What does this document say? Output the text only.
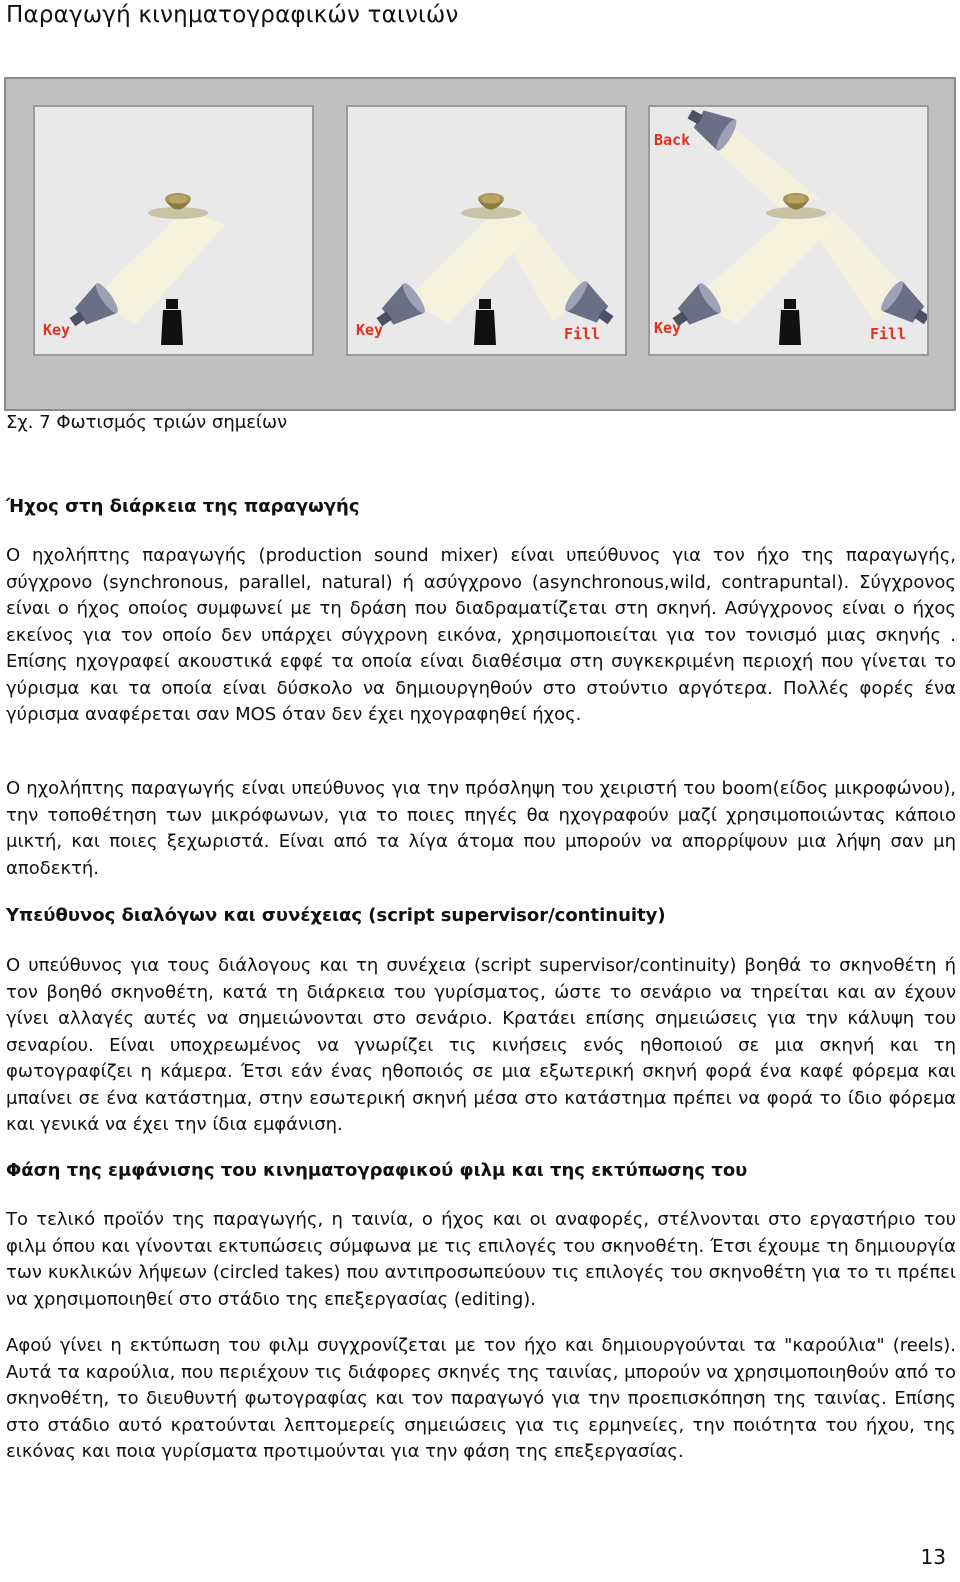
Παραγωγή κινηματογραφικών ταινιών
Key	Key	Fill
Back
Key	Fill
Σχ. 7 Φωτισμός τριών σημείων
Ήχος στη διάρκεια της παραγωγής

Ο ηχολήπτης παραγωγής (production sound mixer) είναι υπεύθυνος για τον ήχο της παραγωγής, σύγχρονο (synchronous, parallel, natural) ή ασύγχρονο (asynchronous,wild, contrapuntal). Σύγχρονος είναι ο ήχος οποίος συμφωνεί με τη δράση που διαδραματίζεται στη σκηνή. Ασύγχρονος είναι ο ήχος εκείνος για τον οποίο δεν υπάρχει σύγχρονη εικόνα, χρησιμοποιείται για τον τονισμό μιας σκηνής . Επίσης ηχογραφεί ακουστικά εφφέ τα οποία είναι διαθέσιμα στη συγκεκριμένη περιοχή που γίνεται το γύρισμα και τα οποία είναι δύσκολο να δημιουργηθούν στο στούντιο αργότερα. Πολλές φορές ένα γύρισμα αναφέρεται σαν MOS όταν δεν έχει ηχογραφηθεί ήχος.

Ο ηχολήπτης παραγωγής είναι υπεύθυνος για την πρόσληψη του χειριστή του boom(είδος μικροφώνου), την τοποθέτηση των μικρόφωνων, για το ποιες πηγές θα ηχογραφούν μαζί χρησιμοποιώντας κάποιο μικτή, και ποιες ξεχωριστά. Είναι από τα λίγα άτομα που μπορούν να απορρίψουν μια λήψη σαν μη αποδεκτή.

Υπεύθυνος διαλόγων και συνέχειας (script supervisor/continuity)

Ο υπεύθυνος για τους διάλογους και τη συνέχεια (script supervisor/continuity) βοηθά το σκηνοθέτη ή τον βοηθό σκηνοθέτη, κατά τη διάρκεια του γυρίσματος, ώστε το σενάριο να τηρείται και αν έχουν γίνει αλλαγές αυτές να σημειώνονται στο σενάριο. Κρατάει επίσης σημειώσεις για την κάλυψη του σεναρίου. Είναι υποχρεωμένος να γνωρίζει τις κινήσεις ενός ηθοποιού σε μια σκηνή και τη φωτογραφίζει η κάμερα. Έτσι εάν ένας ηθοποιός σε μια εξωτερική σκηνή φορά ένα καφέ φόρεμα και μπαίνει σε ένα κατάστημα, στην εσωτερική σκηνή μέσα στο κατάστημα πρέπει να φορά το ίδιο φόρεμα και γενικά να έχει την ίδια εμφάνιση.

Φάση της εμφάνισης του κινηματογραφικού φιλμ και της εκτύπωσης του

Το τελικό προϊόν της παραγωγής, η ταινία, ο ήχος και οι αναφορές, στέλνονται στο εργαστήριο του φιλμ όπου και γίνονται εκτυπώσεις σύμφωνα με τις επιλογές του σκηνοθέτη. Έτσι έχουμε τη δημιουργία των κυκλικών λήψεων (circled takes) που αντιπροσωπεύουν τις επιλογές του σκηνοθέτη για το τι πρέπει να χρησιμοποιηθεί στο στάδιο της επεξεργασίας (editing).

Αφού γίνει η εκτύπωση του φιλμ συγχρονίζεται με τον ήχο και δημιουργούνται τα "καρούλια" (reels). Αυτά τα καρούλια, που περιέχουν τις διάφορες σκηνές της ταινίας, μπορούν να χρησιμοποιηθούν από το σκηνοθέτη, το διευθυντή φωτογραφίας και τον παραγωγό για την προεπισκόπηση της ταινίας. Επίσης στο στάδιο αυτό κρατούνται λεπτομερείς σημειώσεις για τις ερμηνείες, την ποιότητα του ήχου, της εικόνας και ποια γυρίσματα προτιμούνται για την φάση της επεξεργασίας.

13
